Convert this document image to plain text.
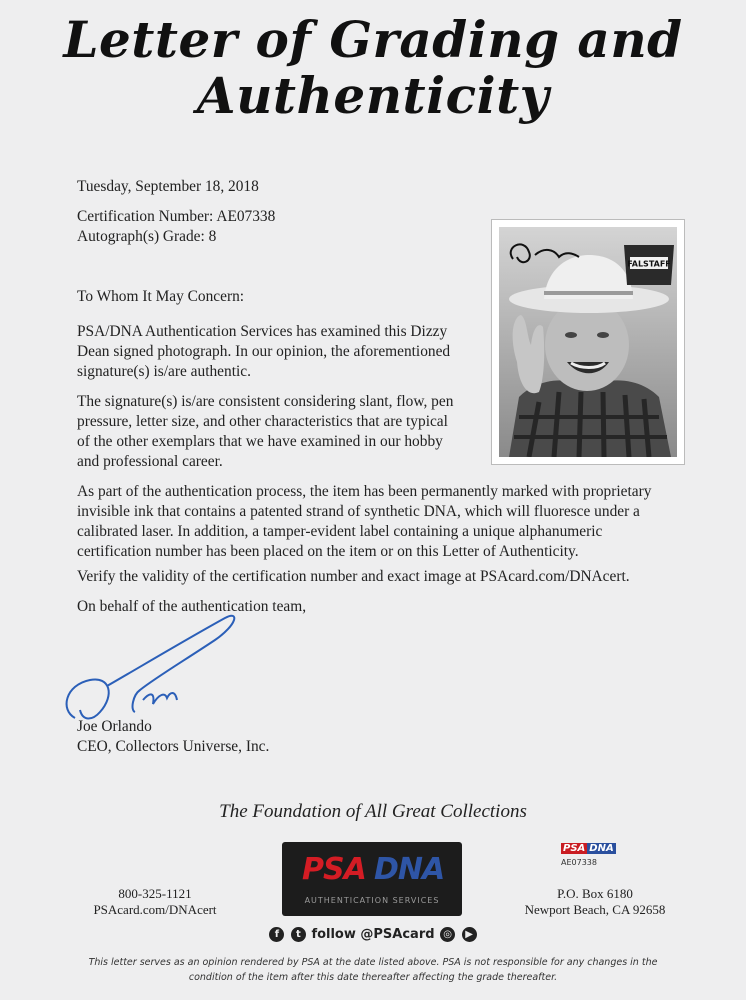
Letter of Grading and
Authenticity

Tuesday, September 18, 2018

Certification Number: AE07338

Autograph(s) Grade: 8

To Whom It May Concern:

PSA/DNA Authentication Services has examined this Dizzy
Dean signed photograph. In our opinion, the aforementioned
signature(s) is/are authentic.
The signature(s) is/are consistent considering slant, flow, pen
pressure, letter size, and other characteristics that are typical
of the other exemplars that we have examined in our hobby
and professional career.
As part of the authentication process, the item has been permanently marked with proprietary
invisible ink that contains a patented strand of synthetic DNA, which will fluoresce under a
calibrated laser. In addition, a tamper-evident label containing a unique alphanumeric
certification number has been placed on the item or on this Letter of Authenticity.

Verify the validity of the certification number and exact image at PSAcard.com/DNAcert.

On behalf of the authentication team,

Joe Orlando

CEO, Collectors Universe, Inc.

FALSTAFF
The Foundation of All Great Collections
PSA DNA
AUTHENTICATION SERVICES
800-325-1121
PSAcard.com/DNAcert
PSA DNA
AE07338
P.O. Box 6180
Newport Beach, CA 92658
f t follow @PSAcard ◎ ▶
This letter serves as an opinion rendered by PSA at the date listed above. PSA is not responsible for any changes in the
condition of the item after this date thereafter affecting the grade thereafter.
